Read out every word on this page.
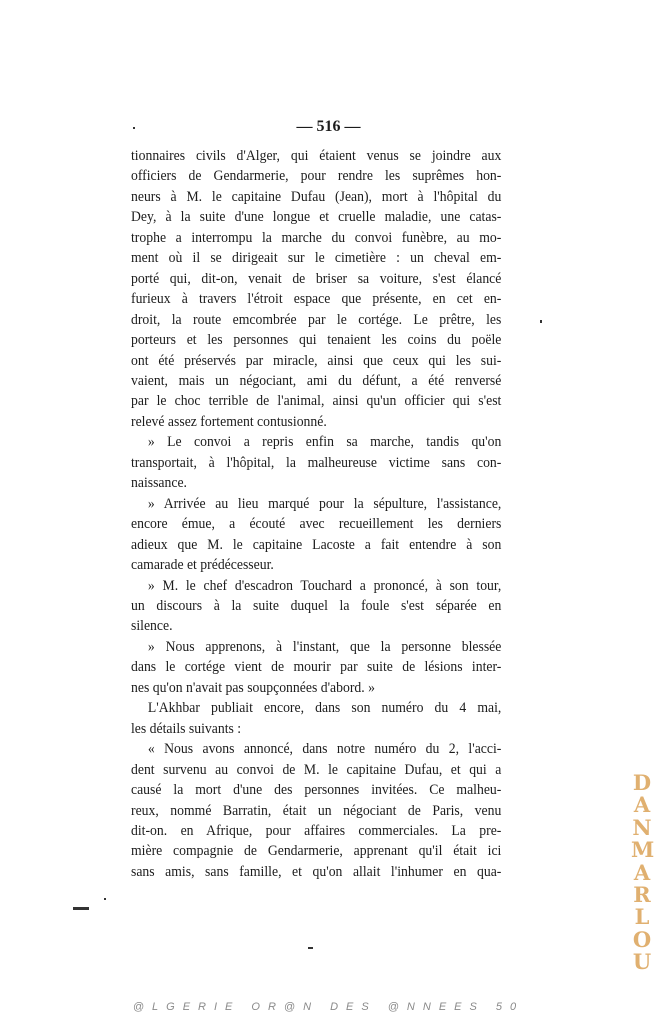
— 516 —

tionnaires civils d'Alger, qui étaient venus se joindre aux
officiers de Gendarmerie, pour rendre les suprêmes hon-
neurs à M. le capitaine Dufau (Jean), mort à l'hôpital du
Dey, à la suite d'une longue et cruelle maladie, une catas-
trophe a interrompu la marche du convoi funèbre, au mo-
ment où il se dirigeait sur le cimetière : un cheval em-
porté qui, dit-on, venait de briser sa voiture, s'est élancé
furieux à travers l'étroit espace que présente, en cet en-
droit, la route emcombrée par le cortége. Le prêtre, les
porteurs et les personnes qui tenaient les coins du poële
ont été préservés par miracle, ainsi que ceux qui les sui-
vaient, mais un négociant, ami du défunt, a été renversé
par le choc terrible de l'animal, ainsi qu'un officier qui s'est
relevé assez fortement contusionné.

» Le convoi a repris enfin sa marche, tandis qu'on
transportait, à l'hôpital, la malheureuse victime sans con-
naissance.

» Arrivée au lieu marqué pour la sépulture, l'assistance,
encore émue, a écouté avec recueillement les derniers
adieux que M. le capitaine Lacoste a fait entendre à son
camarade et prédécesseur.

» M. le chef d'escadron Touchard a prononcé, à son tour,
un discours à la suite duquel la foule s'est séparée en
silence.

» Nous apprenons, à l'instant, que la personne blessée
dans le cortége vient de mourir par suite de lésions inter-
nes qu'on n'avait pas soupçonnées d'abord. »

L'Akhbar publiait encore, dans son numéro du 4 mai,
les détails suivants :

« Nous avons annoncé, dans notre numéro du 2, l'acci-
dent survenu au convoi de M. le capitaine Dufau, et qui a
causé la mort d'une des personnes invitées. Ce malheu-
reux, nommé Barratin, était un négociant de Paris, venu
dit-on. en Afrique, pour affaires commerciales. La pre-
mière compagnie de Gendarmerie, apprenant qu'il était ici
sans amis, sans famille, et qu'on allait l'inhumer en qua-

D
A
N
M
A
R
L
O
U
@LGERIE OR@N DES @NNEES 50
